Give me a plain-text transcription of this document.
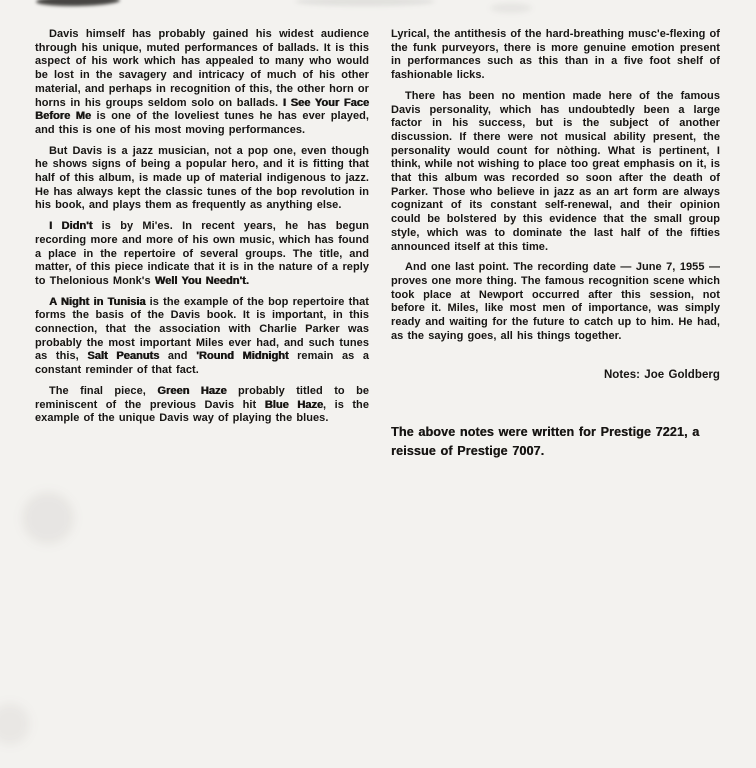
Davis himself has probably gained his widest audience through his unique, muted performances of ballads. It is this aspect of his work which has appealed to many who would be lost in the savagery and intricacy of much of his other material, and perhaps in recognition of this, the other horn or horns in his groups seldom solo on ballads. I See Your Face Before Me is one of the loveliest tunes he has ever played, and this is one of his most moving performances.

But Davis is a jazz musician, not a pop one, even though he shows signs of being a popular hero, and it is fitting that half of this album, is made up of material indigenous to jazz. He has always kept the classic tunes of the bop revolution in his book, and plays them as frequently as anything else.

I Didn't is by Mi'es. In recent years, he has begun recording more and more of his own music, which has found a place in the repertoire of several groups. The title, and matter, of this piece indicate that it is in the nature of a reply to Thelonious Monk's Well You Needn't.

A Night in Tunisia is the example of the bop repertoire that forms the basis of the Davis book. It is important, in this connection, that the association with Charlie Parker was probably the most important Miles ever had, and such tunes as this, Salt Peanuts and 'Round Midnight remain as a constant reminder of that fact.

The final piece, Green Haze probably titled to be reminiscent of the previous Davis hit Blue Haze, is the example of the unique Davis way of playing the blues.

Lyrical, the antithesis of the hard-breathing musc'e-flexing of the funk purveyors, there is more genuine emotion present in performances such as this than in a five foot shelf of fashionable licks.

There has been no mention made here of the famous Davis personality, which has undoubtedly been a large factor in his success, but is the subject of another discussion. If there were not musical ability present, the personality would count for nòthing. What is pertinent, I think, while not wishing to place too great emphasis on it, is that this album was recorded so soon after the death of Parker. Those who believe in jazz as an art form are always cognizant of its constant self-renewal, and their opinion could be bolstered by this evidence that the small group style, which was to dominate the last half of the fifties announced itself at this time.

And one last point. The recording date — June 7, 1955 — proves one more thing. The famous recognition scene which took place at Newport occurred after this session, not before it. Miles, like most men of importance, was simply ready and waiting for the future to catch up to him. He had, as the saying goes, all his things together.

Notes: Joe Goldberg
The above notes were written for Prestige 7221, a reissue of Prestige 7007.
